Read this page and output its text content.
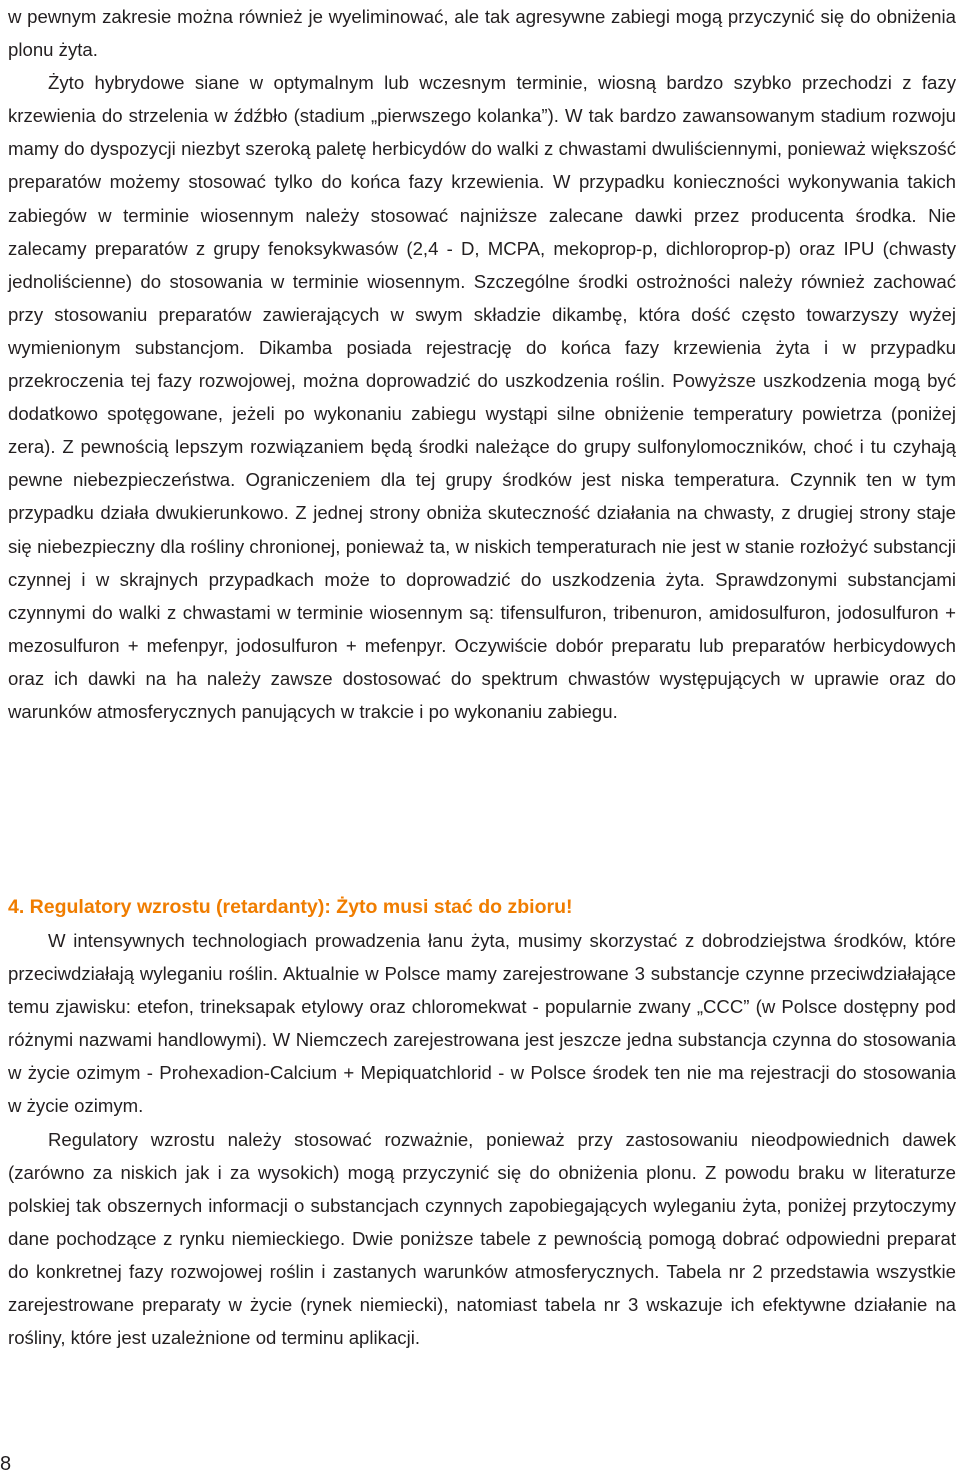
w pewnym zakresie można również je wyeliminować, ale tak agresywne zabiegi mogą przyczynić się do obniżenia plonu żyta.

Żyto hybrydowe siane w optymalnym lub wczesnym terminie, wiosną bardzo szybko przechodzi z fazy krzewienia do strzelenia w źdźbło (stadium „pierwszego kolanka”). W tak bardzo zawansowanym stadium rozwoju mamy do dyspozycji niezbyt szeroką paletę herbicydów do walki z chwastami dwuliściennymi, ponieważ większość preparatów możemy stosować tylko do końca fazy krzewienia. W przypadku konieczności wykonywania takich zabiegów w terminie wiosennym należy stosować najniższe zalecane dawki przez producenta środka. Nie zalecamy preparatów z grupy fenoksykwasów (2,4 - D, MCPA, mekoprop-p, dichloroprop-p) oraz IPU (chwasty jednoliścienne) do stosowania w terminie wiosennym. Szczególne środki ostrożności należy również zachować przy stosowaniu preparatów zawierających w swym składzie dikambę, która dość często towarzyszy wyżej wymienionym substancjom. Dikamba posiada rejestrację do końca fazy krzewienia żyta i w przypadku przekroczenia tej fazy rozwojowej, można doprowadzić do uszkodzenia roślin. Powyższe uszkodzenia mogą być dodatkowo spotęgowane, jeżeli po wykonaniu zabiegu wystąpi silne obniżenie temperatury powietrza (poniżej zera). Z pewnością lepszym rozwiązaniem będą środki należące do grupy sulfonylomoczników, choć i tu czyhają pewne niebezpieczeństwa. Ograniczeniem dla tej grupy środków jest niska temperatura. Czynnik ten w tym przypadku działa dwukierunkowo. Z jednej strony obniża skuteczność działania na chwasty, z drugiej strony staje się niebezpieczny dla rośliny chronionej, ponieważ ta, w niskich temperaturach nie jest w stanie rozłożyć substancji czynnej i w skrajnych przypadkach może to doprowadzić do uszkodzenia żyta. Sprawdzonymi substancjami czynnymi do walki z chwastami w terminie wiosennym są: tifensulfuron, tribenuron, amidosulfuron, jodosulfuron + mezosulfuron + mefenpyr, jodosulfuron + mefenpyr. Oczywiście dobór preparatu lub preparatów herbicydowych oraz ich dawki na ha należy zawsze dostosować do spektrum chwastów występujących w uprawie oraz do warunków atmosferycznych panujących w trakcie i po wykonaniu zabiegu.

4. Regulatory wzrostu (retardanty): Żyto musi stać do zbioru!

W intensywnych technologiach prowadzenia łanu żyta, musimy skorzystać z dobrodziejstwa środków, które przeciwdziałają wyleganiu roślin. Aktualnie w Polsce mamy zarejestrowane 3 substancje czynne przeciwdziałające temu zjawisku: etefon, trineksapak etylowy oraz chloromekwat - popularnie zwany „CCC” (w Polsce dostępny pod różnymi nazwami handlowymi). W Niemczech zarejestrowana jest jeszcze jedna substancja czynna do stosowania w życie ozimym - Prohexadion-Calcium + Mepiquatchlorid - w Polsce środek ten nie ma rejestracji do stosowania w życie ozimym.

Regulatory wzrostu należy stosować rozważnie, ponieważ przy zastosowaniu nieodpowiednich dawek (zarówno za niskich jak i za wysokich) mogą przyczynić się do obniżenia plonu. Z powodu braku w literaturze polskiej tak obszernych informacji o substancjach czynnych zapobiegających wyleganiu żyta, poniżej przytoczymy dane pochodzące z rynku niemieckiego. Dwie poniższe tabele z pewnością pomogą dobrać odpowiedni preparat do konkretnej fazy rozwojowej roślin i zastanych warunków atmosferycznych. Tabela nr 2 przedstawia wszystkie zarejestrowane preparaty w życie (rynek niemiecki), natomiast tabela nr 3 wskazuje ich efektywne działanie na rośliny, które jest uzależnione od terminu aplikacji.

8
